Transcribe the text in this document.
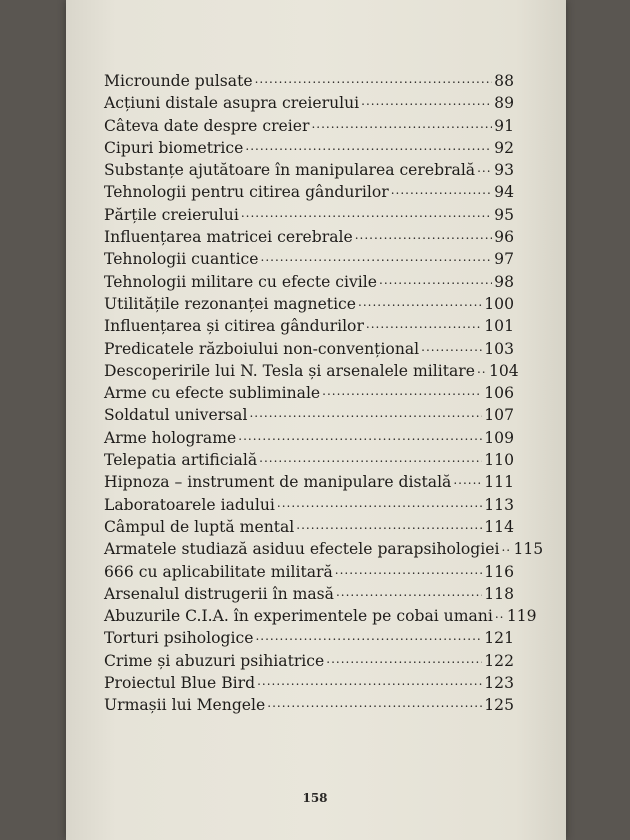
Microunde pulsate .....	88
Acțiuni distale asupra creierului .....	89
Câteva date despre creier .....	91
Cipuri biometrice .....	92
Substanțe ajutătoare în manipularea cerebrală ..... 93
Tehnologii pentru citirea gândurilor .....	94
Părțile creierului .....	95
Influențarea matricei cerebrale .....	96
Tehnologii cuantice .....	97
Tehnologii militare cu efecte civile .....	98
Utilitățile rezonanței magnetice .....	100
Influențarea și citirea gândurilor .....	101
Predicatele războiului non-convențional .....	103
Descoperirile lui N. Tesla și arsenalele militare ..... 104
Arme cu efecte subliminale .....	106
Soldatul universal .....	107
Arme holograme .....	109
Telepatia artificială .....	110
Hipnoza – instrument de manipulare distală ..... 111
Laboratoarele iadului .....	113
Câmpul de luptă mental .....	114
Armatele studiază asiduu efectele parapsihologiei ..... 115
666 cu aplicabilitate militară .....	116
Arsenalul distrugerii în masă .....	118
Abuzurile C.I.A. în experimentele pe cobai umani ..... 119
Torturi psihologice .....	121
Crime și abuzuri psihiatrice .....	122
Proiectul Blue Bird .....	123
Urmașii lui Mengele .....	125
158
